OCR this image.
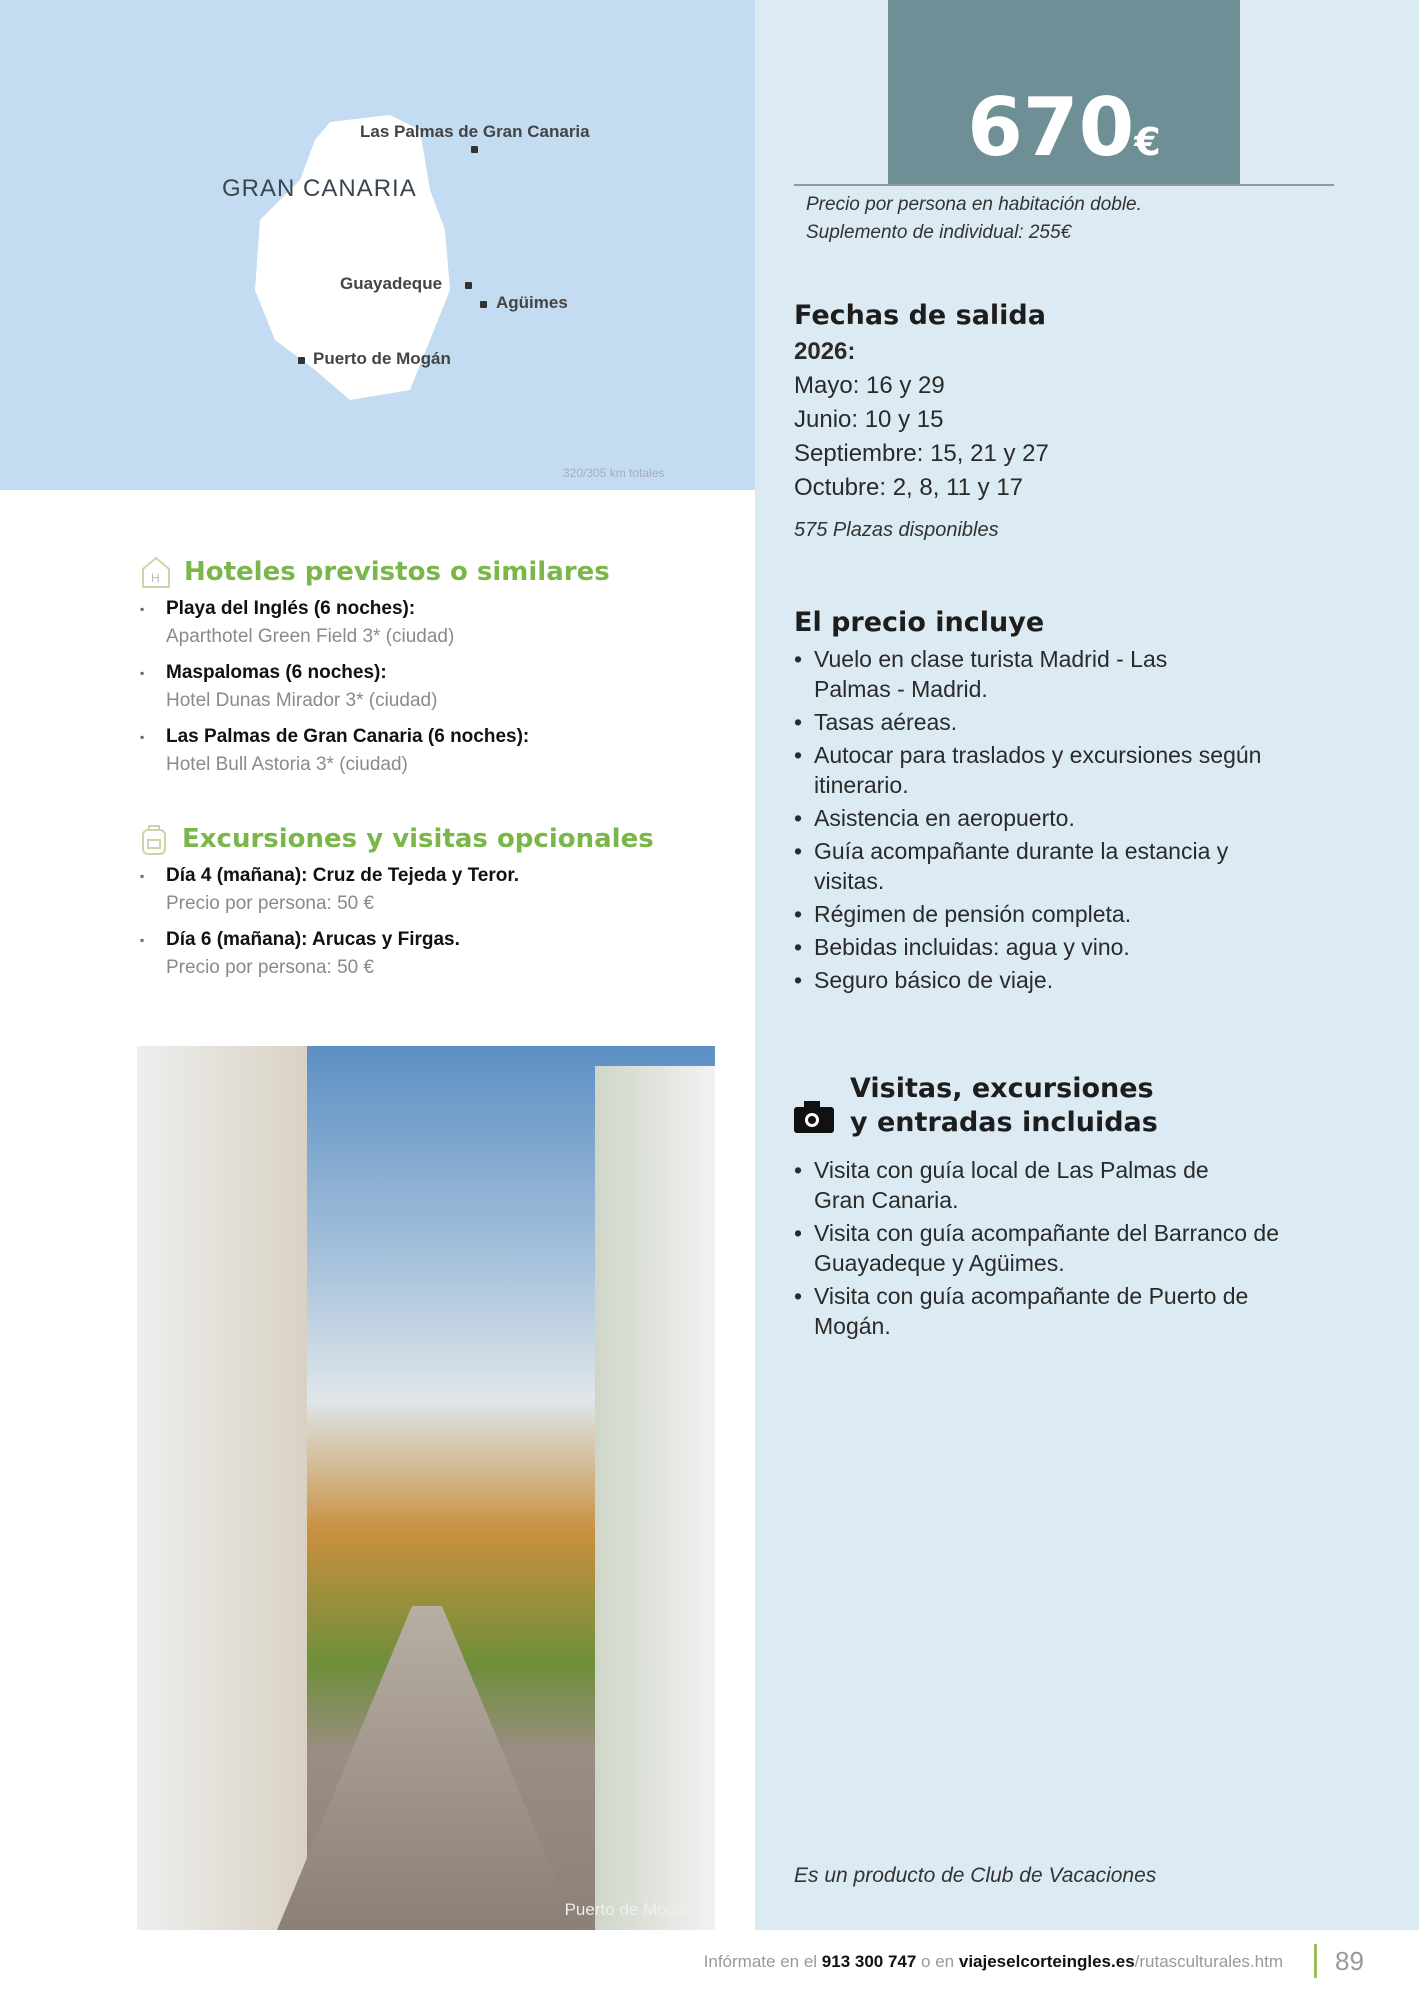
Las Palmas de Gran Canaria
GRAN CANARIA
Guayadeque
Agüimes
Puerto de Mogán
320/305 km totales
670€
Precio por persona en habitación doble.
Suplemento de individual: 255€
Fechas de salida
2026:
Mayo: 16 y 29
Junio: 10 y 15
Septiembre: 15, 21 y 27
Octubre: 2, 8, 11 y 17
575 Plazas disponibles
El precio incluye
• Vuelo en clase turista Madrid - Las Palmas - Madrid.
• Tasas aéreas.
• Autocar para traslados y excursiones según itinerario.
• Asistencia en aeropuerto.
• Guía acompañante durante la estancia y visitas.
• Régimen de pensión completa.
• Bebidas incluidas: agua y vino.
• Seguro básico de viaje.
Visitas, excursiones
y entradas incluidas
• Visita con guía local de Las Palmas de Gran Canaria.
• Visita con guía acompañante del Barranco de Guayadeque y Agüimes.
• Visita con guía acompañante de Puerto de Mogán.
Es un producto de Club de Vacaciones
H Hoteles previstos o similares
▪ Playa del Inglés (6 noches):
Aparthotel Green Field 3* (ciudad)
▪ Maspalomas (6 noches):
Hotel Dunas Mirador 3* (ciudad)
▪ Las Palmas de Gran Canaria (6 noches):
Hotel Bull Astoria 3* (ciudad)
Excursiones y visitas opcionales
▪ Día 4 (mañana): Cruz de Tejeda y Teror.
Precio por persona: 50 €
▪ Día 6 (mañana): Arucas y Firgas.
Precio por persona: 50 €
Puerto de Mogán
Infórmate en el 913 300 747 o en viajeselcorteingles.es/rutasculturales.htm 89
